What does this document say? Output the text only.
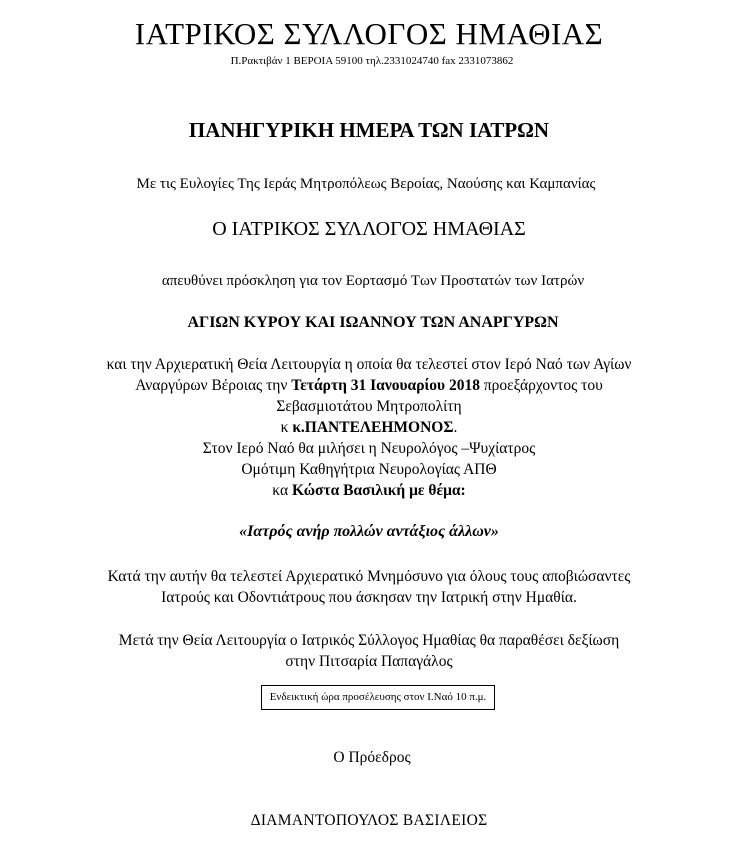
ΙΑΤΡΙΚΟΣ ΣΥΛΛΟΓΟΣ ΗΜΑΘΙΑΣ
Π.Ρακτιβάν 1 ΒΕΡΟΙΑ 59100 τηλ.2331024740 fax 2331073862
ΠΑΝΗΓΥΡΙΚΗ ΗΜΕΡΑ ΤΩΝ ΙΑΤΡΩΝ
Με τις Ευλογίες Της Ιεράς Μητροπόλεως Βεροίας, Ναούσης και Καμπανίας
Ο ΙΑΤΡΙΚΟΣ ΣΥΛΛΟΓΟΣ ΗΜΑΘΙΑΣ
απευθύνει πρόσκληση για τον Εορτασμό Των Προστατών των Ιατρών
ΑΓΙΩΝ ΚΥΡΟΥ ΚΑΙ ΙΩΑΝΝΟΥ ΤΩΝ ΑΝΑΡΓΥΡΩΝ
και την Αρχιερατική Θεία Λειτουργία η οποία θα τελεστεί στον Ιερό Ναό των Αγίων
Αναργύρων Βέροιας την Τετάρτη 31 Ιανουαρίου 2018 προεξάρχοντος του
Σεβασμιοτάτου Μητροπολίτη
κ κ.ΠΑΝΤΕΛΕΗΜΟΝΟΣ.
Στον Ιερό Ναό θα μιλήσει η Νευρολόγος –Ψυχίατρος
Ομότιμη Καθηγήτρια Νευρολογίας ΑΠΘ
κα Κώστα Βασιλική με θέμα:
«Ιατρός ανήρ πολλών αντάξιος άλλων»
Κατά την αυτήν θα τελεστεί Αρχιερατικό Μνημόσυνο για όλους τους αποβιώσαντες
Ιατρούς και Οδοντιάτρους που άσκησαν την Ιατρική στην Ημαθία.
Μετά την Θεία Λειτουργία ο Ιατρικός Σύλλογος Ημαθίας θα παραθέσει δεξίωση
στην Πιτσαρία Παπαγάλος
Ενδεικτική ώρα προσέλευσης στον Ι.Ναό 10 π.μ.
Ο Πρόεδρος
ΔΙΑΜΑΝΤΟΠΟΥΛΟΣ ΒΑΣΙΛΕΙΟΣ
